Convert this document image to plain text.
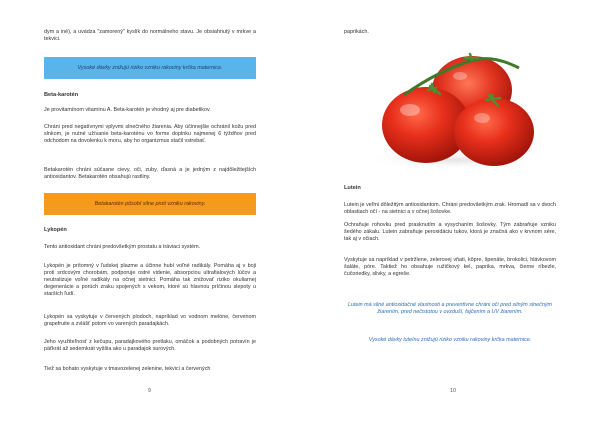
dym a iné), a uvádza "zamorený" kyslík do normálneho stavu. Je obsiahnutý v mrkve a tekvici.

Vysoké dávky znižujú riziko vzniku rakoviny krčka maternice.

Beta-karotén

Je provitamínom vitamínu A. Beta-karotén je vhodný aj pre diabetikov.

Chráni pred negatívnymi vplyvmi slnečného žiarenia. Aby účinnejšie ochránil kožu pred slnkom, je nutné užívanie beta-karoténu vo forme doplnku najmenej 6 týždňov pred odchodom na dovolenku k moru, aby ho organizmus stačil vstrebať.

Betakarotén chráni súčasne cievy, oči, zuby, ďasná a je jedným z najdôležitejších antioxidantov. Betakarotén obsahujú rastliny.

Betakarotén pôsobí silne proti vzniku rakoviny.

Lykopén

Tento antioxidant chráni predovšetkým prostatu a tráviaci systém.

Lykopén je prítomný v ľudskej plazme a účinne hubí voľné radikály. Pomáha aj v boji proti srdcovým chorobám, podporuje ostré videnie, absorpciou ultrafialových lúčov a neutralizuje voľné radikály na očnej sietnici. Pomáha tak znižovať riziko okuliarnej degenerácie a porúch zraku spojených s vekom, ktoré sú hlavnou príčinou slepoty u starších ľudí.

Lykopén sa vyskytuje v červených plodoch, napríklad vo vodnom melóne, červenom grapefruite a zvlášť potom vo varených paradajkách.

Jeho využiteľnosť z kečupu, paradajkového pretlaku, omáčok a podobných potravín je päťkrát až sedemkrát vyššia ako u paradajok surových.

Tiež sa bohato vyskytuje v tmavozelenej zelenine, tekvici a červených

9

paprikách.

Lutein

Lutein je veľmi dôležitým antioxidantom. Chráni predovšetkým zrak. Hromadí sa v dvoch oblastiach očí - na sietnici a v očnej šošovke.

Ochraňuje rohovku pred prasknutím a vysychaním šošovky. Tým zabraňuje vzniku šedého zákalu. Lutein zabraňuje peroxidáciu tukov, ktorá je značná ako v krvnom sére, tak aj v očiach.

Vyskytuje sa napríklad v petržlene, zelerovej vňati, kôpre, špenáte, brokolici, hlávkovom šaláte, póre. Taktiež ho obsahuje ružičkový kel, paprika, mrkva, čierne ríbezle, čučoriedky, slivky, a egreše.

Lutein má silné antioxidačné vlastnosti a preventívne chráni oči pred silným slnečným žiarením, pred nečistotou v ovzduší, fajčením a UV žiarením.

Vysoké dávky luteínu znižujú riziko vzniku rakoviny krčka maternice.

10
